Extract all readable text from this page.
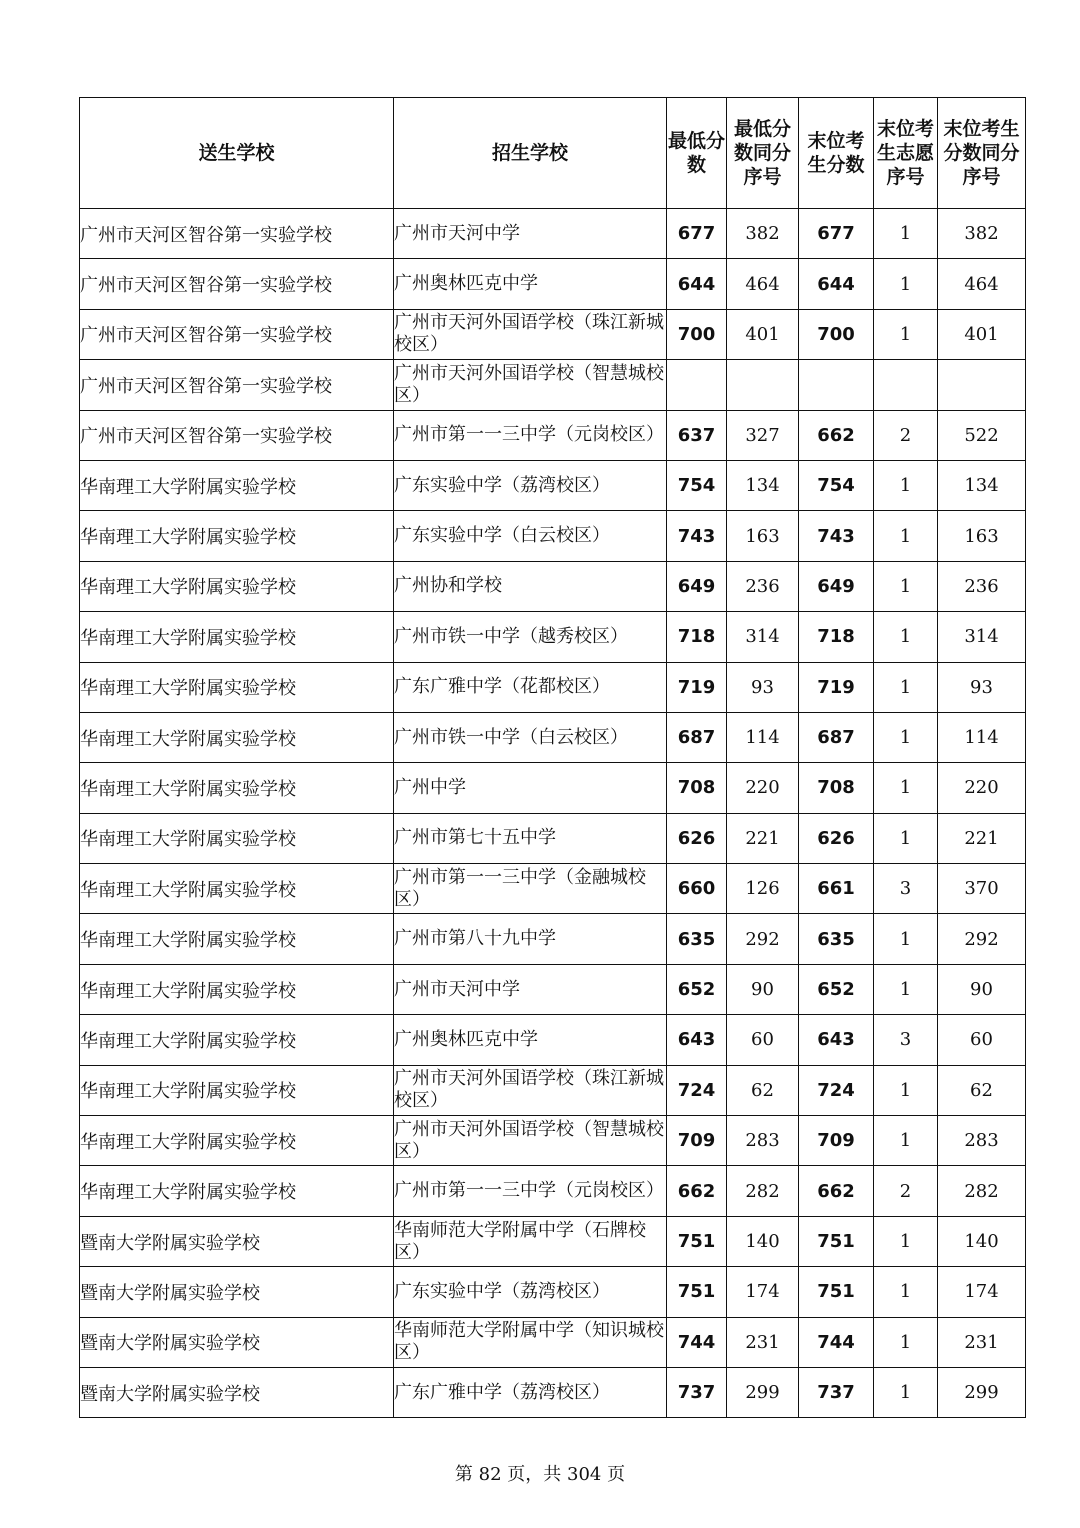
送生学校	招生学校	最低分数	最低分数同分序号	末位考生分数	末位考生志愿序号	末位考生分数同分序号
广州市天河区智谷第一实验学校	广州市天河中学	677	382	677	1	382
广州市天河区智谷第一实验学校	广州奥林匹克中学	644	464	644	1	464
广州市天河区智谷第一实验学校	广州市天河外国语学校（珠江新城校区）	700	401	700	1	401
广州市天河区智谷第一实验学校	广州市天河外国语学校（智慧城校区）					
广州市天河区智谷第一实验学校	广州市第一一三中学（元岗校区）	637	327	662	2	522
华南理工大学附属实验学校	广东实验中学（荔湾校区）	754	134	754	1	134
华南理工大学附属实验学校	广东实验中学（白云校区）	743	163	743	1	163
华南理工大学附属实验学校	广州协和学校	649	236	649	1	236
华南理工大学附属实验学校	广州市铁一中学（越秀校区）	718	314	718	1	314
华南理工大学附属实验学校	广东广雅中学（花都校区）	719	93	719	1	93
华南理工大学附属实验学校	广州市铁一中学（白云校区）	687	114	687	1	114
华南理工大学附属实验学校	广州中学	708	220	708	1	220
华南理工大学附属实验学校	广州市第七十五中学	626	221	626	1	221
华南理工大学附属实验学校	广州市第一一三中学（金融城校区）	660	126	661	3	370
华南理工大学附属实验学校	广州市第八十九中学	635	292	635	1	292
华南理工大学附属实验学校	广州市天河中学	652	90	652	1	90
华南理工大学附属实验学校	广州奥林匹克中学	643	60	643	3	60
华南理工大学附属实验学校	广州市天河外国语学校（珠江新城校区）	724	62	724	1	62
华南理工大学附属实验学校	广州市天河外国语学校（智慧城校区）	709	283	709	1	283
华南理工大学附属实验学校	广州市第一一三中学（元岗校区）	662	282	662	2	282
暨南大学附属实验学校	华南师范大学附属中学（石牌校区）	751	140	751	1	140
暨南大学附属实验学校	广东实验中学（荔湾校区）	751	174	751	1	174
暨南大学附属实验学校	华南师范大学附属中学（知识城校区）	744	231	744	1	231
暨南大学附属实验学校	广东广雅中学（荔湾校区）	737	299	737	1	299
第 82 页，共 304 页
